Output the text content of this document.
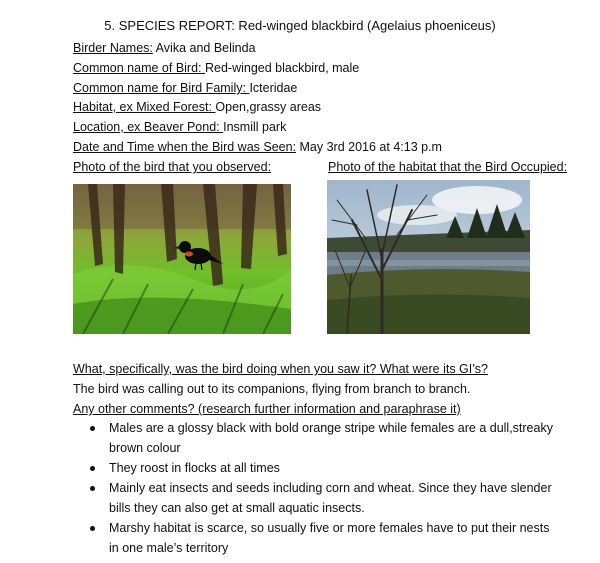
5. SPECIES REPORT: Red-winged blackbird (Agelaius phoeniceus)
Birder Names: Avika and Belinda
Common name of Bird: Red-winged blackbird, male
Common name for Bird Family: Icteridae
Habitat, ex Mixed Forest: Open,grassy areas
Location, ex Beaver Pond: Insmill park
Date and Time when the Bird was Seen: May 3rd 2016 at 4:13 p.m
Photo of the bird that you observed:	Photo of the habitat that the Bird Occupied:
What, specifically, was the bird doing when you saw it? What were its GI’s?
The bird was calling out to its companions, flying from branch to branch.
Any other comments? (research further information and paraphrase it)
Males are a glossy black with bold orange stripe while females are a dull,streaky brown colour
They roost in flocks at all times
Mainly eat insects and seeds including corn and wheat. Since they have slender bills they can also get at small aquatic insects.
Marshy habitat is scarce, so usually five or more females have to put their nests in one male’s territory
